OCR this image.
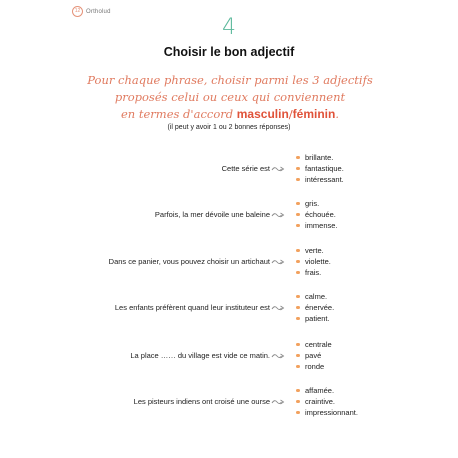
12 Ortholud
4
Choisir le bon adjectif
Pour chaque phrase, choisir parmi les 3 adjectifs
proposés celui ou ceux qui conviennent
en termes d'accord masculin/féminin.
(il peut y avoir 1 ou 2 bonnes réponses)
Cette série est
brillante.
fantastique.
intéressant.
Parfois, la mer dévoile une baleine
gris.
échouée.
immense.
Dans ce panier, vous pouvez choisir un artichaut
verte.
violette.
frais.
Les enfants préfèrent quand leur instituteur est
calme.
énervée.
patient.
La place …… du village est vide ce matin.
centrale
pavé
ronde
Les pisteurs indiens ont croisé une ourse
affamée.
craintive.
impressionnant.
